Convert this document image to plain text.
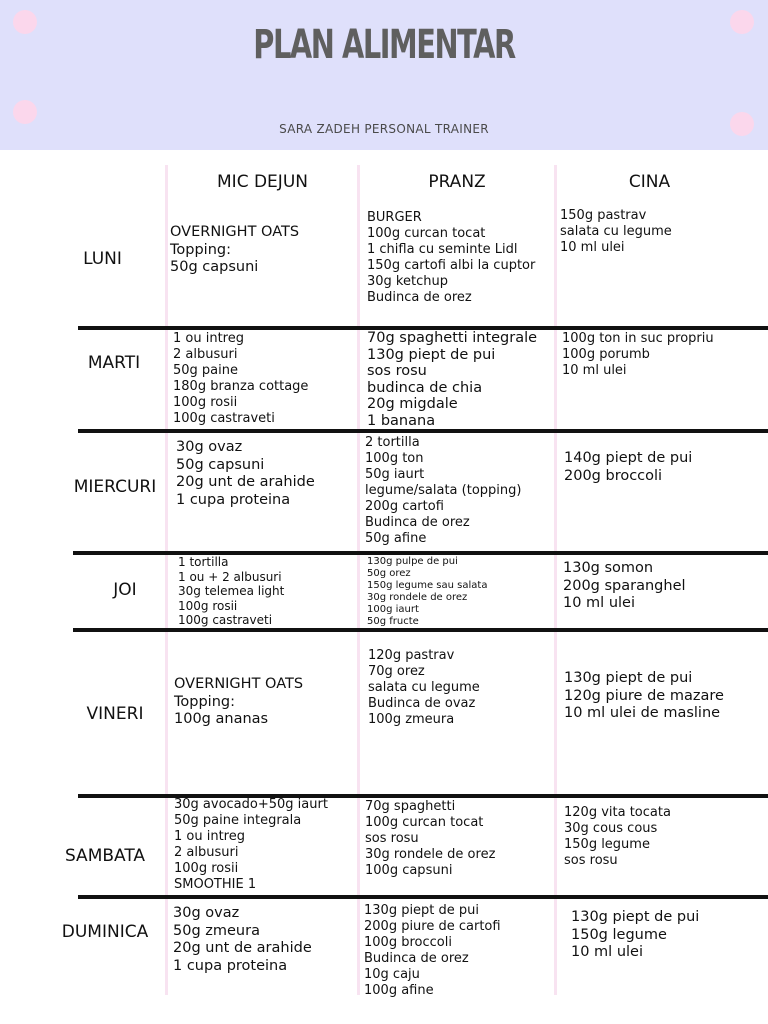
PLAN ALIMENTAR
SARA ZADEH PERSONAL TRAINER
MIC DEJUN	PRANZ	CINA
LUNI
MARTI
MIERCURI
JOI
VINERI
SAMBATA
DUMINICA
OVERNIGHT OATS
Topping:
50g capsuni
BURGER
100g curcan tocat
1 chifla cu seminte Lidl
150g cartofi albi la cuptor
30g ketchup
Budinca de orez
150g pastrav
salata cu legume
10 ml ulei
1 ou intreg
2 albusuri
50g paine
180g branza cottage
100g rosii
100g castraveti
70g spaghetti integrale
130g piept de pui
sos rosu
budinca de chia
20g migdale
1 banana
100g ton in suc propriu
100g porumb
10 ml ulei
30g ovaz
50g capsuni
20g unt de arahide
1 cupa proteina
2 tortilla
100g ton
50g iaurt
legume/salata (topping)
200g cartofi
Budinca de orez
50g afine
140g piept de pui
200g broccoli
1 tortilla
1 ou + 2 albusuri
30g telemea light
100g rosii
100g castraveti
130g pulpe de pui
50g orez
150g legume sau salata
30g rondele de orez
100g iaurt
50g fructe
130g somon
200g sparanghel
10 ml ulei
OVERNIGHT OATS
Topping:
100g ananas
120g pastrav
70g orez
salata cu legume
Budinca de ovaz
100g zmeura
130g piept de pui
120g piure de mazare
10 ml ulei de masline
30g avocado+50g iaurt
50g paine integrala
1 ou intreg
2 albusuri
100g rosii
SMOOTHIE 1
70g spaghetti
100g curcan tocat
sos rosu
30g rondele de orez
100g capsuni
120g vita tocata
30g cous cous
150g legume
sos rosu
30g ovaz
50g zmeura
20g unt de arahide
1 cupa proteina
130g piept de pui
200g piure de cartofi
100g broccoli
Budinca de orez
10g caju
100g afine
130g piept de pui
150g legume
10 ml ulei
